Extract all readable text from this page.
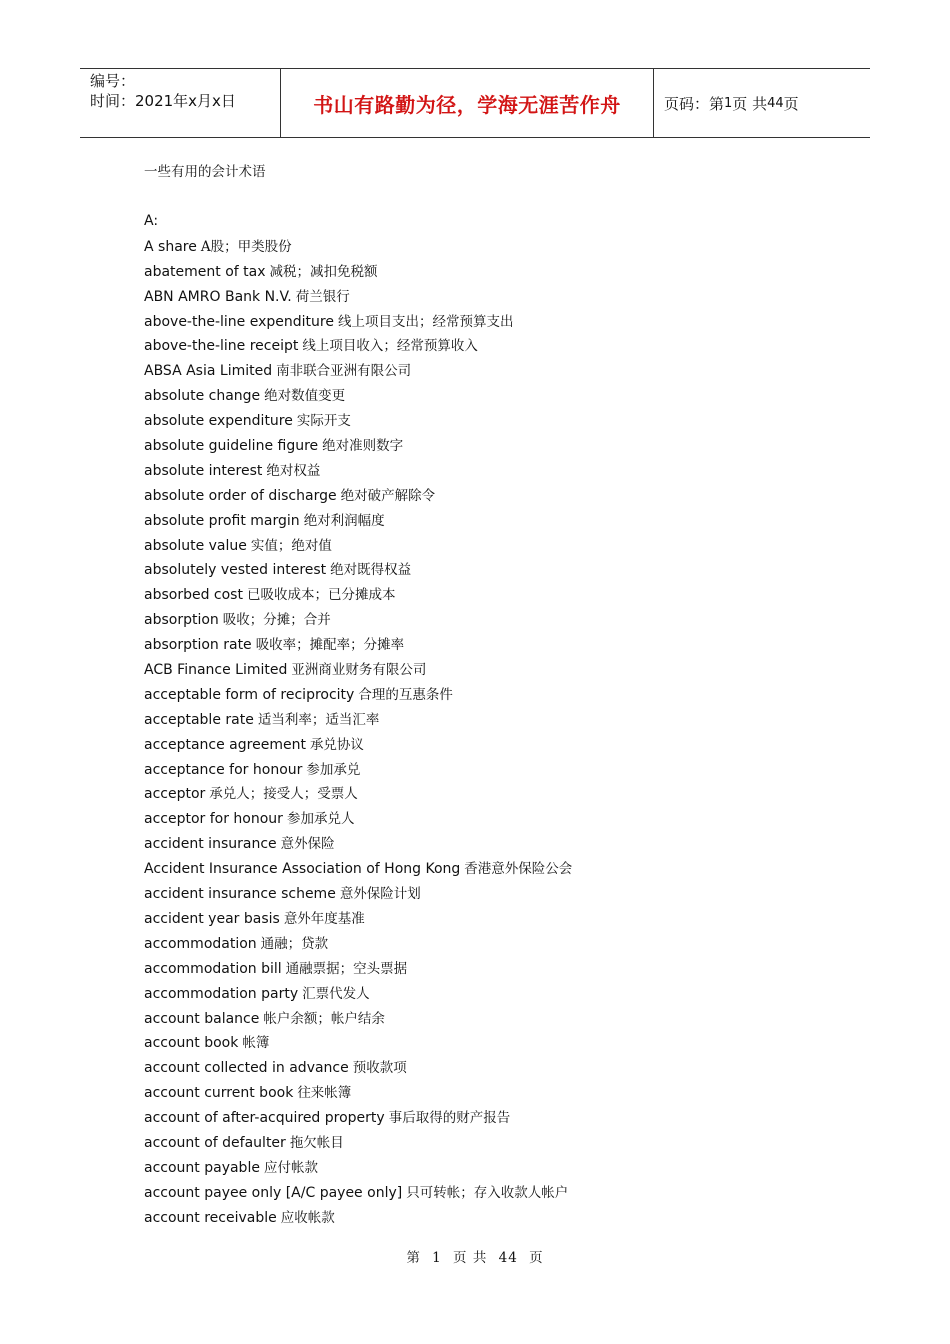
编号：
时间：2021年x月x日	书山有路勤为径，学海无涯苦作舟	页码：第 1 页 共 44 页
一些有用的会计术语
A:
A share A股；甲类股份
abatement of tax 减税；减扣免税额
ABN AMRO Bank N.V. 荷兰银行
above-the-line expenditure 线上项目支出；经常预算支出
above-the-line receipt 线上项目收入；经常预算收入
ABSA Asia Limited 南非联合亚洲有限公司
absolute change 绝对数值变更
absolute expenditure 实际开支
absolute guideline figure 绝对准则数字
absolute interest 绝对权益
absolute order of discharge 绝对破产解除令
absolute profit margin 绝对利润幅度
absolute value 实值；绝对值
absolutely vested interest 绝对既得权益
absorbed cost 已吸收成本；已分摊成本
absorption 吸收；分摊；合并
absorption rate 吸收率；摊配率；分摊率
ACB Finance Limited 亚洲商业财务有限公司
acceptable form of reciprocity 合理的互惠条件
acceptable rate 适当利率；适当汇率
acceptance agreement 承兑协议
acceptance for honour 参加承兑
acceptor 承兑人；接受人；受票人
acceptor for honour 参加承兑人
accident insurance 意外保险
Accident Insurance Association of Hong Kong 香港意外保险公会
accident insurance scheme 意外保险计划
accident year basis 意外年度基准
accommodation 通融；贷款
accommodation bill 通融票据；空头票据
accommodation party 汇票代发人
account balance 帐户余额；帐户结余
account book 帐簿
account collected in advance 预收款项
account current book 往来帐簿
account of after-acquired property 事后取得的财产报告
account of defaulter 拖欠帐目
account payable 应付帐款
account payee only [A/C payee only] 只可转帐；存入收款人帐户
account receivable 应收帐款
第 1 页 共 44 页
